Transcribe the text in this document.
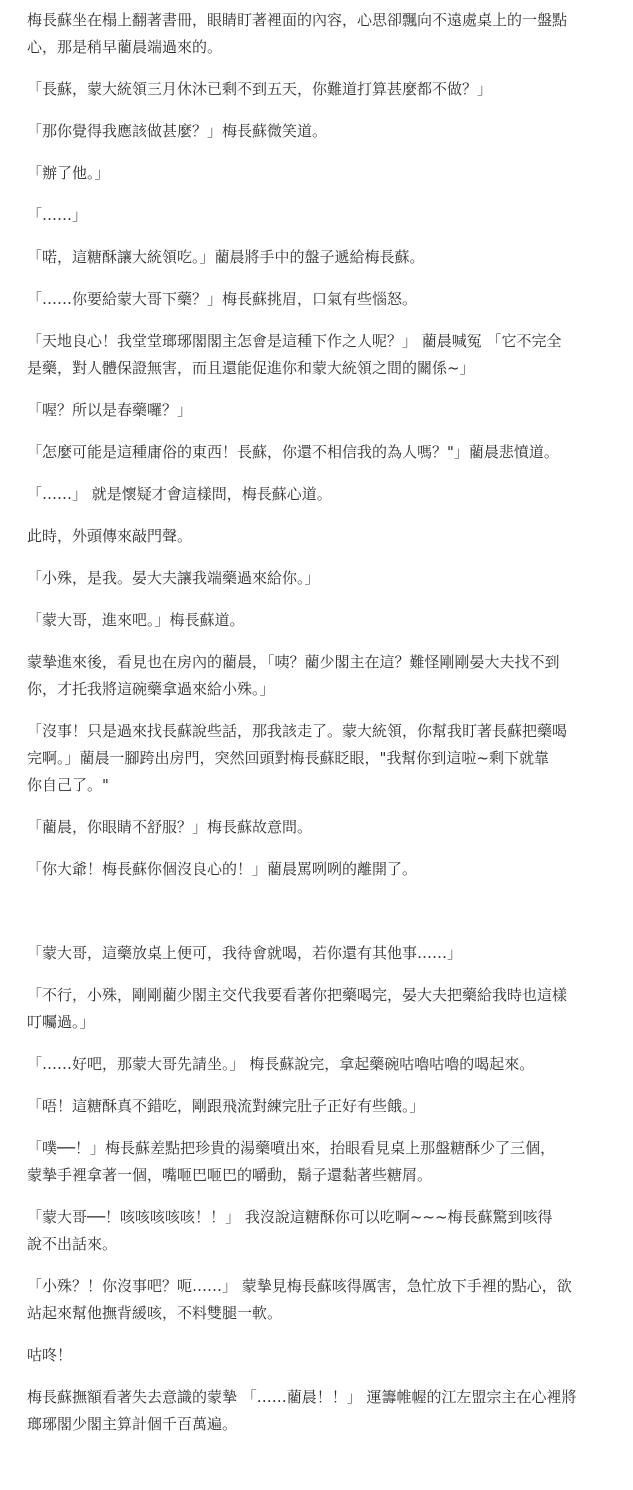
梅長蘇坐在榻上翻著書冊，眼睛盯著裡面的內容，心思卻飄向不遠處桌上的一盤點
心，那是稍早藺晨端過來的。

「長蘇，蒙大統領三月休沐已剩不到五天，你難道打算甚麼都不做？」

「那你覺得我應該做甚麼？」梅長蘇微笑道。

「辦了他。」

「……」

「喏，這糖酥讓大統領吃。」藺晨將手中的盤子遞給梅長蘇。

「……你要給蒙大哥下藥？」梅長蘇挑眉，口氣有些惱怒。

「天地良心！我堂堂瑯琊閣閣主怎會是這種下作之人呢？」 藺晨喊冤 「它不完全
是藥，對人體保證無害，而且還能促進你和蒙大統領之間的關係~」

「喔？所以是春藥囉？」

「怎麼可能是這種庸俗的東西！長蘇，你還不相信我的為人嗎？"」藺晨悲憤道。

「……」 就是懷疑才會這樣問，梅長蘇心道。

此時，外頭傳來敲門聲。

「小殊，是我。晏大夫讓我端藥過來給你。」

「蒙大哥，進來吧。」梅長蘇道。

蒙摯進來後，看見也在房內的藺晨，「咦？藺少閣主在這？難怪剛剛晏大夫找不到
你，才托我將這碗藥拿過來給小殊。」

「沒事！只是過來找長蘇說些話，那我該走了。蒙大統領，你幫我盯著長蘇把藥喝
完啊。」藺晨一腳跨出房門，突然回頭對梅長蘇眨眼，"我幫你到這啦~剩下就靠
你自己了。"

「藺晨，你眼睛不舒服？」梅長蘇故意問。

「你大爺！梅長蘇你個沒良心的！」藺晨罵咧咧的離開了。

「蒙大哥，這藥放桌上便可，我待會就喝，若你還有其他事……」

「不行，小殊，剛剛藺少閣主交代我要看著你把藥喝完，晏大夫把藥給我時也這樣
叮囑過。」

「……好吧，那蒙大哥先請坐。」 梅長蘇說完，拿起藥碗咕嚕咕嚕的喝起來。

「唔！這糖酥真不錯吃，剛跟飛流對練完肚子正好有些餓。」

「噗──！」梅長蘇差點把珍貴的湯藥噴出來，抬眼看見桌上那盤糖酥少了三個，
蒙摯手裡拿著一個，嘴咂巴咂巴的嚼動，鬍子還黏著些糖屑。

「蒙大哥──！咳咳咳咳咳！！」 我沒說這糖酥你可以吃啊~~~梅長蘇驚到咳得
說不出話來。

「小殊？！你沒事吧？呃……」 蒙摯見梅長蘇咳得厲害，急忙放下手裡的點心，欲
站起來幫他撫背緩咳，不料雙腿一軟。

咕咚！

梅長蘇撫額看著失去意識的蒙摯 「……藺晨！！」 運籌帷幄的江左盟宗主在心裡將
瑯琊閣少閣主算計個千百萬遍。
